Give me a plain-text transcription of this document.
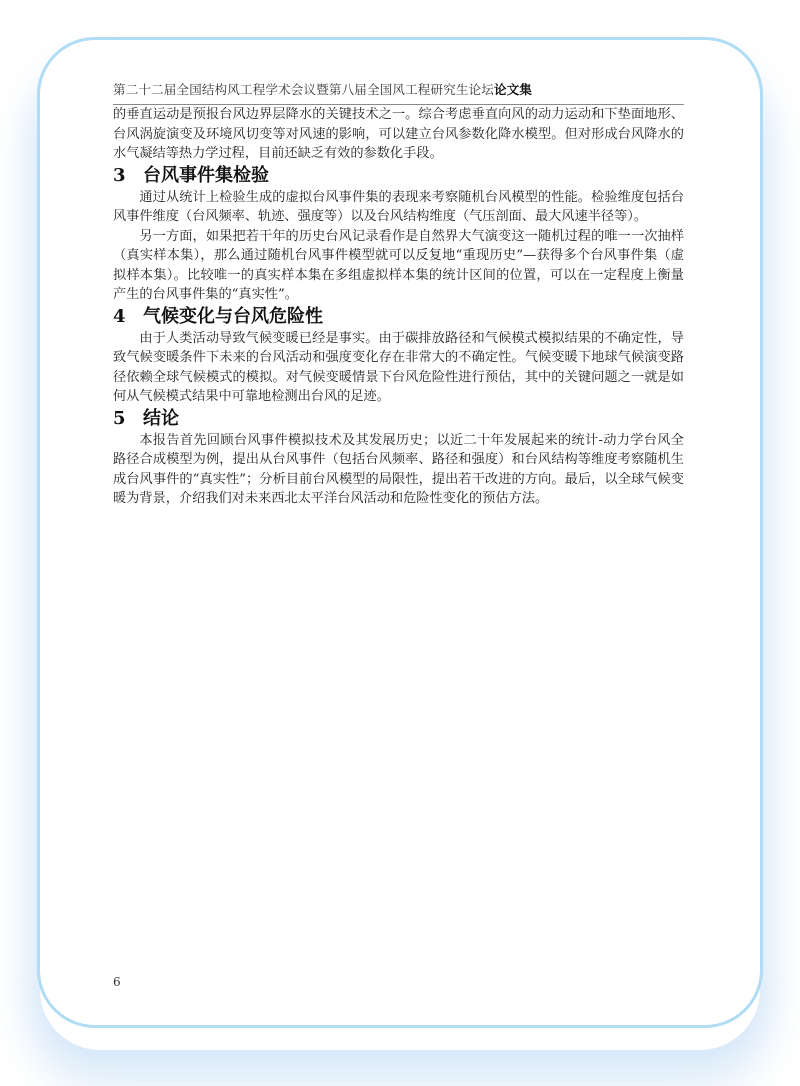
第二十二届全国结构风工程学术会议暨第八届全国风工程研究生论坛论文集

的垂直运动是预报台风边界层降水的关键技术之一。综合考虑垂直向风的动力运动和下垫面地形、台风涡旋演变及环境风切变等对风速的影响，可以建立台风参数化降水模型。但对形成台风降水的水气凝结等热力学过程，目前还缺乏有效的参数化手段。

3 台风事件集检验

通过从统计上检验生成的虚拟台风事件集的表现来考察随机台风模型的性能。检验维度包括台风事件维度（台风频率、轨迹、强度等）以及台风结构维度（气压剖面、最大风速半径等）。

另一方面，如果把若干年的历史台风记录看作是自然界大气演变这一随机过程的唯一一次抽样（真实样本集），那么通过随机台风事件模型就可以反复地“重现历史”—获得多个台风事件集（虚拟样本集）。比较唯一的真实样本集在多组虚拟样本集的统计区间的位置，可以在一定程度上衡量产生的台风事件集的“真实性”。

4 气候变化与台风危险性

由于人类活动导致气候变暖已经是事实。由于碳排放路径和气候模式模拟结果的不确定性，导致气候变暖条件下未来的台风活动和强度变化存在非常大的不确定性。气候变暖下地球气候演变路径依赖全球气候模式的模拟。对气候变暖情景下台风危险性进行预估，其中的关键问题之一就是如何从气候模式结果中可靠地检测出台风的足迹。

5 结论

本报告首先回顾台风事件模拟技术及其发展历史；以近二十年发展起来的统计-动力学台风全路径合成模型为例，提出从台风事件（包括台风频率、路径和强度）和台风结构等维度考察随机生成台风事件的“真实性”；分析目前台风模型的局限性，提出若干改进的方向。最后，以全球气候变暖为背景，介绍我们对未来西北太平洋台风活动和危险性变化的预估方法。

6
